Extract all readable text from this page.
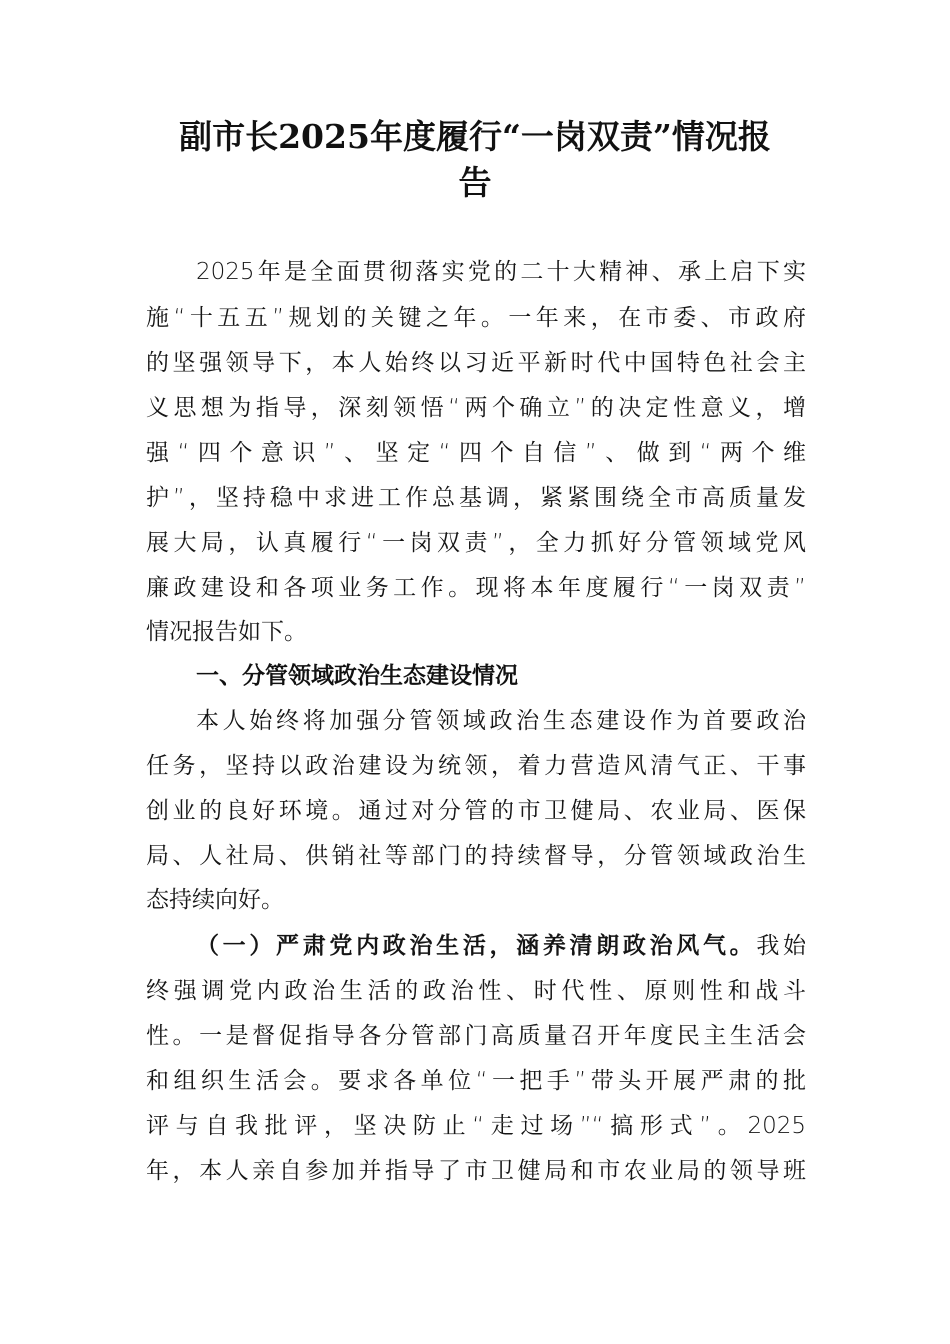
副市长2025年度履行“一岗双责”情况报
告
2025年是全面贯彻落实党的二十大精神、承上启下实
施“十五五”规划的关键之年。一年来，在市委、市政府
的坚强领导下，本人始终以习近平新时代中国特色社会主
义思想为指导，深刻领悟“两个确立”的决定性意义，增
强“四个意识”、坚定“四个自信”、做到“两个维
护”，坚持稳中求进工作总基调，紧紧围绕全市高质量发
展大局，认真履行“一岗双责”，全力抓好分管领域党风
廉政建设和各项业务工作。现将本年度履行“一岗双责”
情况报告如下。
一、分管领域政治生态建设情况
本人始终将加强分管领域政治生态建设作为首要政治
任务，坚持以政治建设为统领，着力营造风清气正、干事
创业的良好环境。通过对分管的市卫健局、农业局、医保
局、人社局、供销社等部门的持续督导，分管领域政治生
态持续向好。
（一）严肃党内政治生活，涵养清朗政治风气。我始
终强调党内政治生活的政治性、时代性、原则性和战斗
性。一是督促指导各分管部门高质量召开年度民主生活会
和组织生活会。要求各单位“一把手”带头开展严肃的批
评与自我批评，坚决防止“走过场”“搞形式”。2025
年，本人亲自参加并指导了市卫健局和市农业局的领导班
